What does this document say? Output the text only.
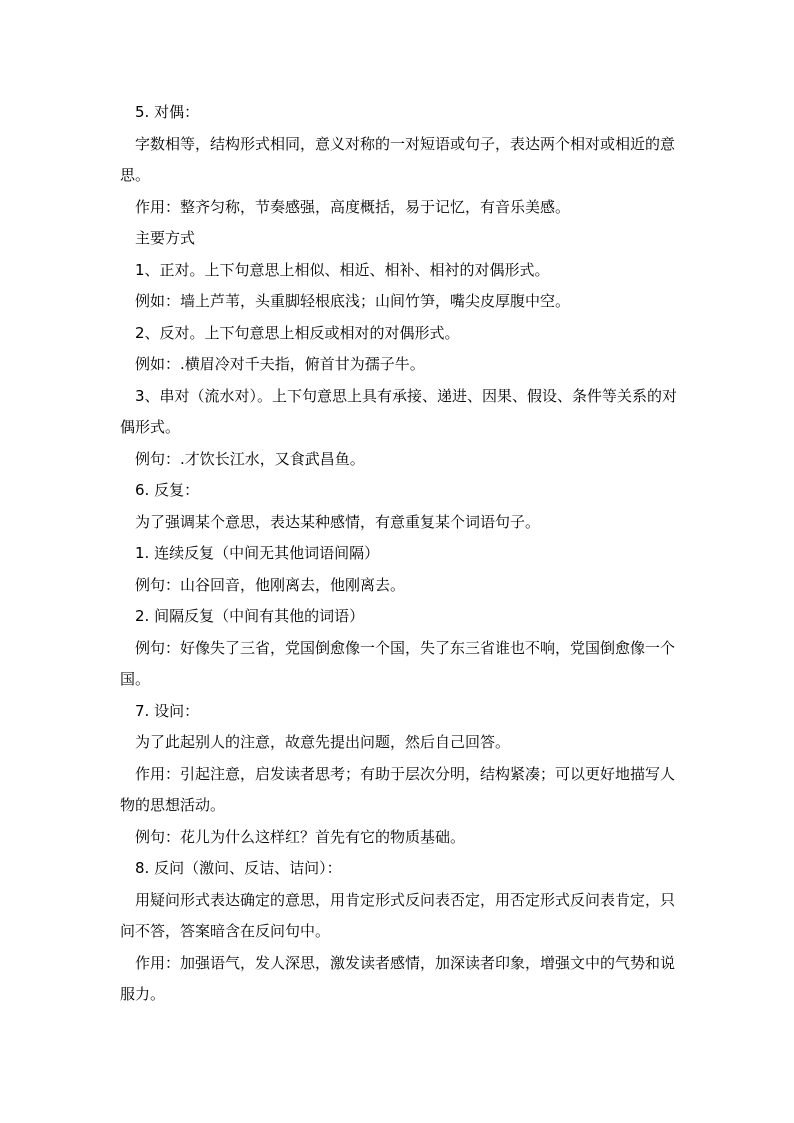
5. 对偶：

字数相等，结构形式相同，意义对称的一对短语或句子，表达两个相对或相近的意思。

作用：整齐匀称，节奏感强，高度概括，易于记忆，有音乐美感。

主要方式

1、正对。上下句意思上相似、相近、相补、相衬的对偶形式。

例如：墙上芦苇，头重脚轻根底浅；山间竹笋，嘴尖皮厚腹中空。

2、反对。上下句意思上相反或相对的对偶形式。

例如：.横眉冷对千夫指，俯首甘为孺子牛。

3、串对（流水对）。上下句意思上具有承接、递进、因果、假设、条件等关系的对偶形式。

例句：.才饮长江水，又食武昌鱼。

6. 反复：

为了强调某个意思，表达某种感情，有意重复某个词语句子。

1. 连续反复（中间无其他词语间隔）

例句：山谷回音，他刚离去，他刚离去。

2. 间隔反复（中间有其他的词语）

例句：好像失了三省，党国倒愈像一个国，失了东三省谁也不响，党国倒愈像一个国。

7. 设问：

为了此起别人的注意，故意先提出问题，然后自己回答。

作用：引起注意，启发读者思考；有助于层次分明，结构紧凑；可以更好地描写人物的思想活动。

例句：花儿为什么这样红？首先有它的物质基础。

8. 反问（激问、反诘、诘问）：

用疑问形式表达确定的意思，用肯定形式反问表否定，用否定形式反问表肯定，只问不答，答案暗含在反问句中。

作用：加强语气，发人深思，激发读者感情，加深读者印象，增强文中的气势和说服力。
